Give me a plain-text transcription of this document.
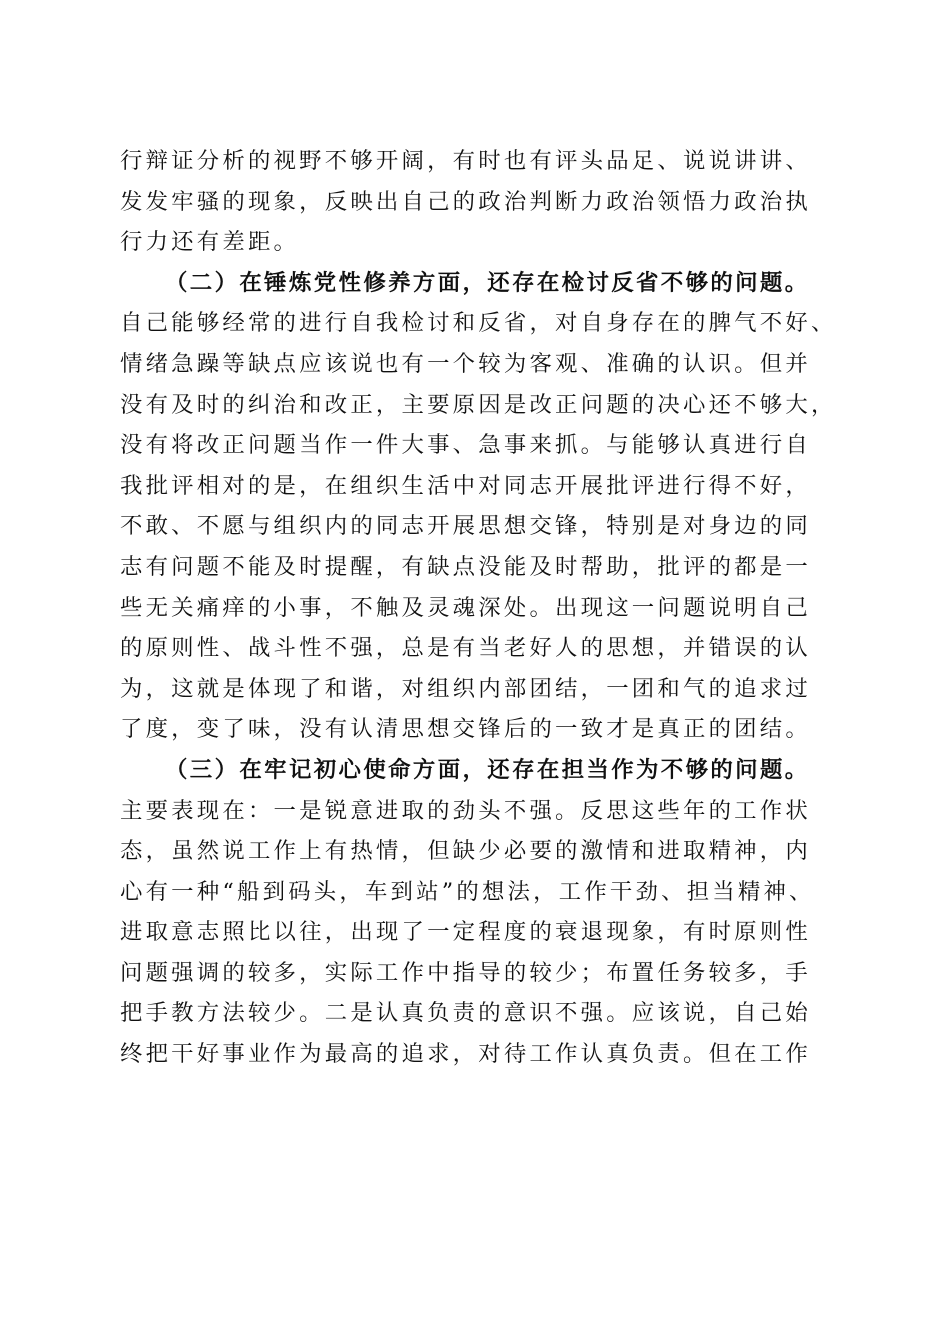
行辩证分析的视野不够开阔，有时也有评头品足、说说讲讲、
发发牢骚的现象，反映出自己的政治判断力政治领悟力政治执
行力还有差距。
（二）在锤炼党性修养方面，还存在检讨反省不够的问题。
自己能够经常的进行自我检讨和反省，对自身存在的脾气不好、
情绪急躁等缺点应该说也有一个较为客观、准确的认识。但并
没有及时的纠治和改正，主要原因是改正问题的决心还不够大，
没有将改正问题当作一件大事、急事来抓。与能够认真进行自
我批评相对的是，在组织生活中对同志开展批评进行得不好，
不敢、不愿与组织内的同志开展思想交锋，特别是对身边的同
志有问题不能及时提醒，有缺点没能及时帮助，批评的都是一
些无关痛痒的小事，不触及灵魂深处。出现这一问题说明自己
的原则性、战斗性不强，总是有当老好人的思想，并错误的认
为，这就是体现了和谐，对组织内部团结，一团和气的追求过
了度，变了味，没有认清思想交锋后的一致才是真正的团结。
（三）在牢记初心使命方面，还存在担当作为不够的问题。
主要表现在：一是锐意进取的劲头不强。反思这些年的工作状
态，虽然说工作上有热情，但缺少必要的激情和进取精神，内
心有一种“船到码头，车到站”的想法，工作干劲、担当精神、
进取意志照比以往，出现了一定程度的衰退现象，有时原则性
问题强调的较多，实际工作中指导的较少；布置任务较多，手
把手教方法较少。二是认真负责的意识不强。应该说，自己始
终把干好事业作为最高的追求，对待工作认真负责。但在工作
